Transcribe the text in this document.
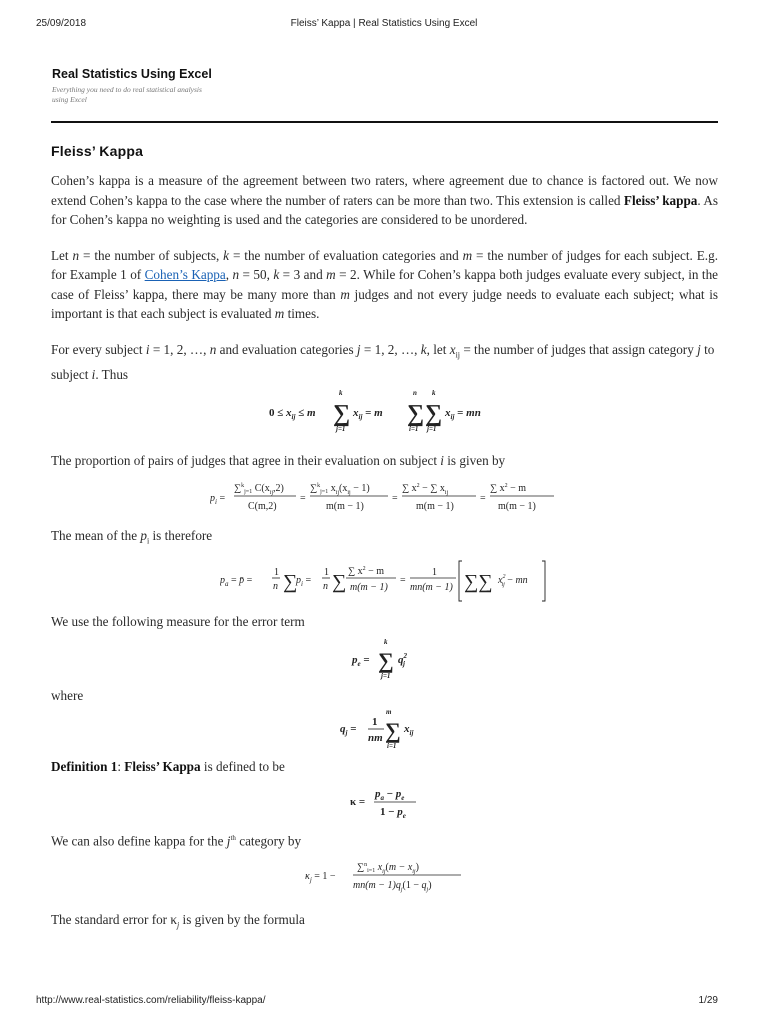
25/09/2018	Fleiss’ Kappa | Real Statistics Using Excel
Real Statistics Using Excel
Everything you need to do real statistical analysis using Excel
Fleiss’ Kappa

Cohen’s kappa is a measure of the agreement between two raters, where agreement due to chance is factored out. We now extend Cohen’s kappa to the case where the number of raters can be more than two. This extension is called Fleiss’ kappa. As for Cohen’s kappa no weighting is used and the categories are considered to be unordered.

Let n = the number of subjects, k = the number of evaluation categories and m = the number of judges for each subject. E.g. for Example 1 of Cohen’s Kappa, n = 50, k = 3 and m = 2. While for Cohen’s kappa both judges evaluate every subject, in the case of Fleiss’ kappa, there may be many more than m judges and not every judge needs to evaluate each subject; what is important is that each subject is evaluated m times.

For every subject i = 1, 2, …, n and evaluation categories j = 1, 2, …, k, let $x_{ij}$ = the number of judges that assign category j to subject i. Thus

$0 \le x_{ij} \le m$
k
∑
j=1
$x_{ij} = m$
n
∑
i=1
k
∑
j=1
$x_{ij}$ = mn

The proportion of pairs of judges that agree in their evaluation on subject i is given by

$p_i$ =
∑$^k_{j=1}$ $C(x_{ij},2)$
C(m,2)
=
∑$^k_{j=1}$ $x_{ij}(x_{ij} - 1)$
m(m − 1)
=
∑ $x^2$ − ∑ $x_{ij}$
m(m − 1)
=
∑ $x^2 - m$
m(m − 1)

The mean of the $p_i$ is therefore

$p_a$ = p̄ =
1
n ∑
$p_i$ =
1
n ∑ ∑ $x^2 - m$
m(m − 1)
=
1
mn(m − 1) ∑∑ $x^2$ ij − mn

We use the following measure for the error term

$p_e$ =
k
∑
j=1
$q^2$ j

where

$q_j$ =
1
nm
m
∑
i=1
$x_{ij}$

Definition 1: Fleiss’ Kappa is defined to be

κ =
$p_a - p_e$
$1 - p_e$

We can also define kappa for the $j^{th}$ category by

$\kappa_j = 1$ −
∑$^n_{i=1}$ $x_{ij}(m - x_{ij})$
$mn(m - 1)q_j(1 - q_j)$

The standard error for $\kappa_j$ is given by the formula

http://www.real-statistics.com/reliability/fleiss-kappa/	1/29
